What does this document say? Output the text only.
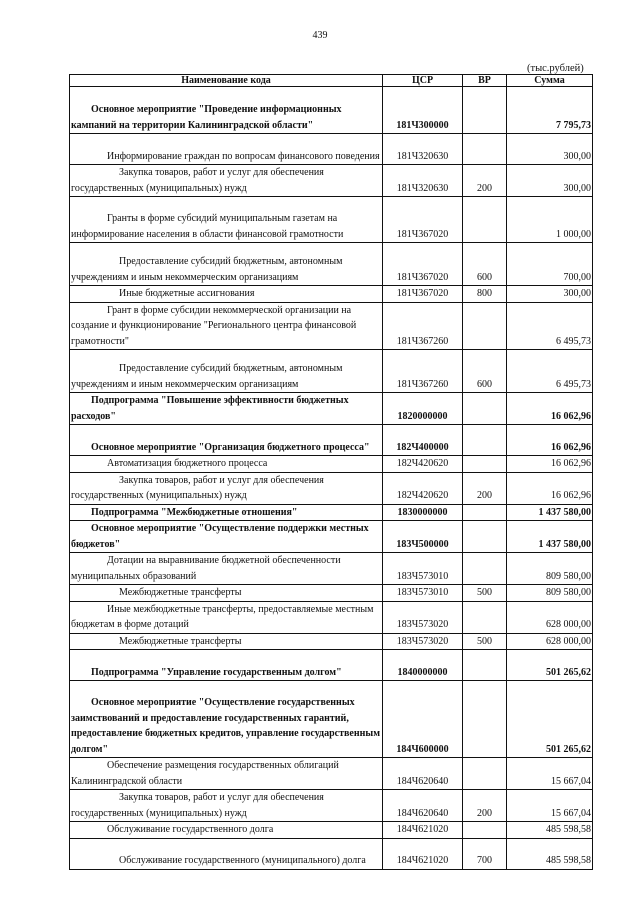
439
(тыс.рублей)
Наименование кода	ЦСР	ВР	Сумма
Основное мероприятие "Проведение информационных кампаний на территории Калининградской области"	181Ч300000		7 795,73
Информирование граждан по вопросам финансового поведения	181Ч320630		300,00
Закупка товаров, работ и услуг для обеспечения государственных (муниципальных) нужд	181Ч320630	200	300,00
Гранты в форме субсидий муниципальным газетам на информирование населения в области финансовой грамотности	181Ч367020		1 000,00
Предоставление субсидий бюджетным, автономным учреждениям и иным некоммерческим организациям	181Ч367020	600	700,00
Иные бюджетные ассигнования	181Ч367020	800	300,00
Грант в форме субсидии некоммерческой организации на создание и функционирование "Регионального центра финансовой грамотности"	181Ч367260		6 495,73
Предоставление субсидий бюджетным, автономным учреждениям и иным некоммерческим организациям	181Ч367260	600	6 495,73
Подпрограмма "Повышение эффективности бюджетных расходов"	1820000000		16 062,96
Основное мероприятие "Организация бюджетного процесса"	182Ч400000		16 062,96
Автоматизация бюджетного процесса	182Ч420620		16 062,96
Закупка товаров, работ и услуг для обеспечения государственных (муниципальных) нужд	182Ч420620	200	16 062,96
Подпрограмма "Межбюджетные отношения"	1830000000		1 437 580,00
Основное мероприятие "Осуществление поддержки местных бюджетов"	183Ч500000		1 437 580,00
Дотации на выравнивание бюджетной обеспеченности муниципальных образований	183Ч573010		809 580,00
Межбюджетные трансферты	183Ч573010	500	809 580,00
Иные межбюджетные трансферты, предоставляемые местным бюджетам в форме дотаций	183Ч573020		628 000,00
Межбюджетные трансферты	183Ч573020	500	628 000,00
Подпрограмма "Управление государственным долгом"	1840000000		501 265,62
Основное мероприятие "Осуществление государственных заимствований и предоставление государственных гарантий, предоставление бюджетных кредитов, управление государственным долгом"	184Ч600000		501 265,62
Обеспечение размещения государственных облигаций Калининградской области	184Ч620640		15 667,04
Закупка товаров, работ и услуг для обеспечения государственных (муниципальных) нужд	184Ч620640	200	15 667,04
Обслуживание государственного долга	184Ч621020		485 598,58
Обслуживание государственного (муниципального) долга	184Ч621020	700	485 598,58
